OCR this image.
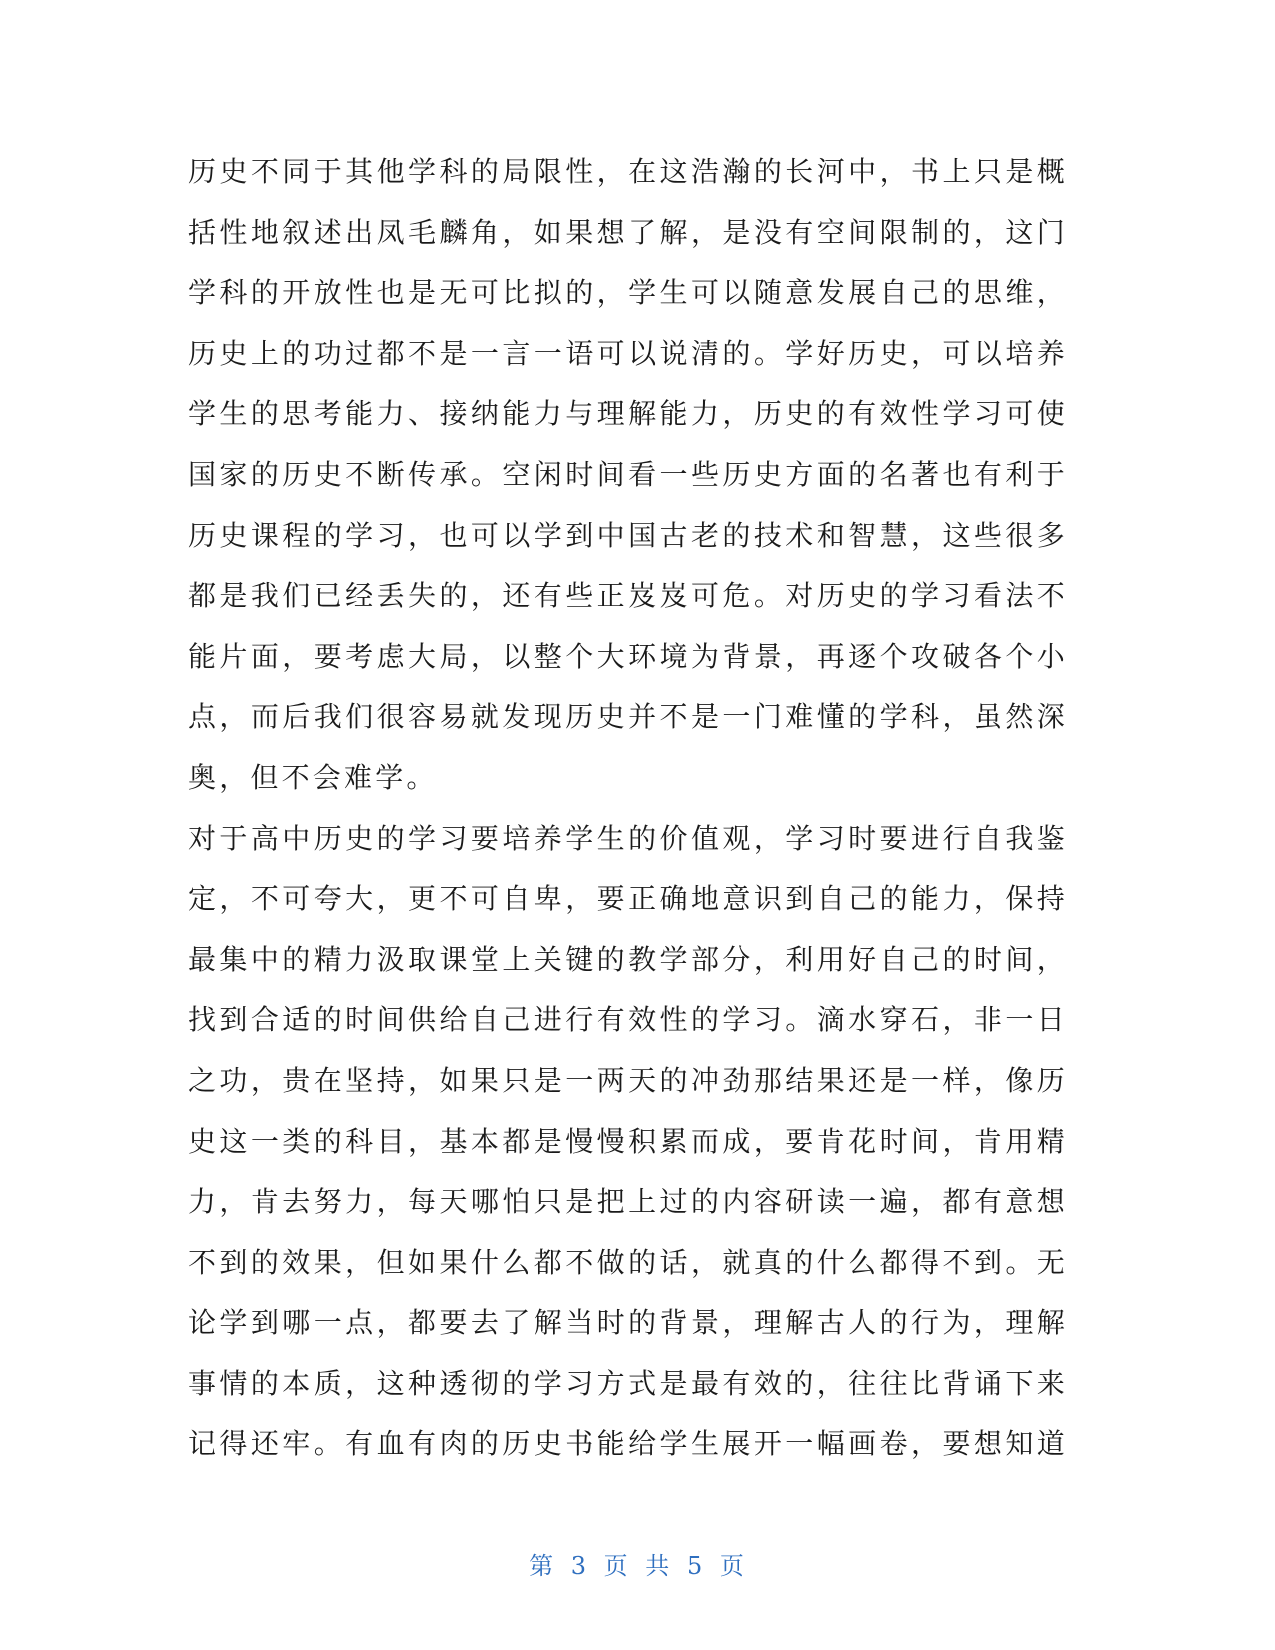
历史不同于其他学科的局限性，在这浩瀚的长河中，书上只是概
括性地叙述出凤毛麟角，如果想了解，是没有空间限制的，这门
学科的开放性也是无可比拟的，学生可以随意发展自己的思维，
历史上的功过都不是一言一语可以说清的。学好历史，可以培养
学生的思考能力、接纳能力与理解能力，历史的有效性学习可使
国家的历史不断传承。空闲时间看一些历史方面的名著也有利于
历史课程的学习，也可以学到中国古老的技术和智慧，这些很多
都是我们已经丢失的，还有些正岌岌可危。对历史的学习看法不
能片面，要考虑大局，以整个大环境为背景，再逐个攻破各个小
点，而后我们很容易就发现历史并不是一门难懂的学科，虽然深
奥，但不会难学。
对于高中历史的学习要培养学生的价值观，学习时要进行自我鉴
定，不可夸大，更不可自卑，要正确地意识到自己的能力，保持
最集中的精力汲取课堂上关键的教学部分，利用好自己的时间，
找到合适的时间供给自己进行有效性的学习。滴水穿石，非一日
之功，贵在坚持，如果只是一两天的冲劲那结果还是一样，像历
史这一类的科目，基本都是慢慢积累而成，要肯花时间，肯用精
力，肯去努力，每天哪怕只是把上过的内容研读一遍，都有意想
不到的效果，但如果什么都不做的话，就真的什么都得不到。无
论学到哪一点，都要去了解当时的背景，理解古人的行为，理解
事情的本质，这种透彻的学习方式是最有效的，往往比背诵下来
记得还牢。有血有肉的历史书能给学生展开一幅画卷，要想知道
第 3 页 共 5 页
